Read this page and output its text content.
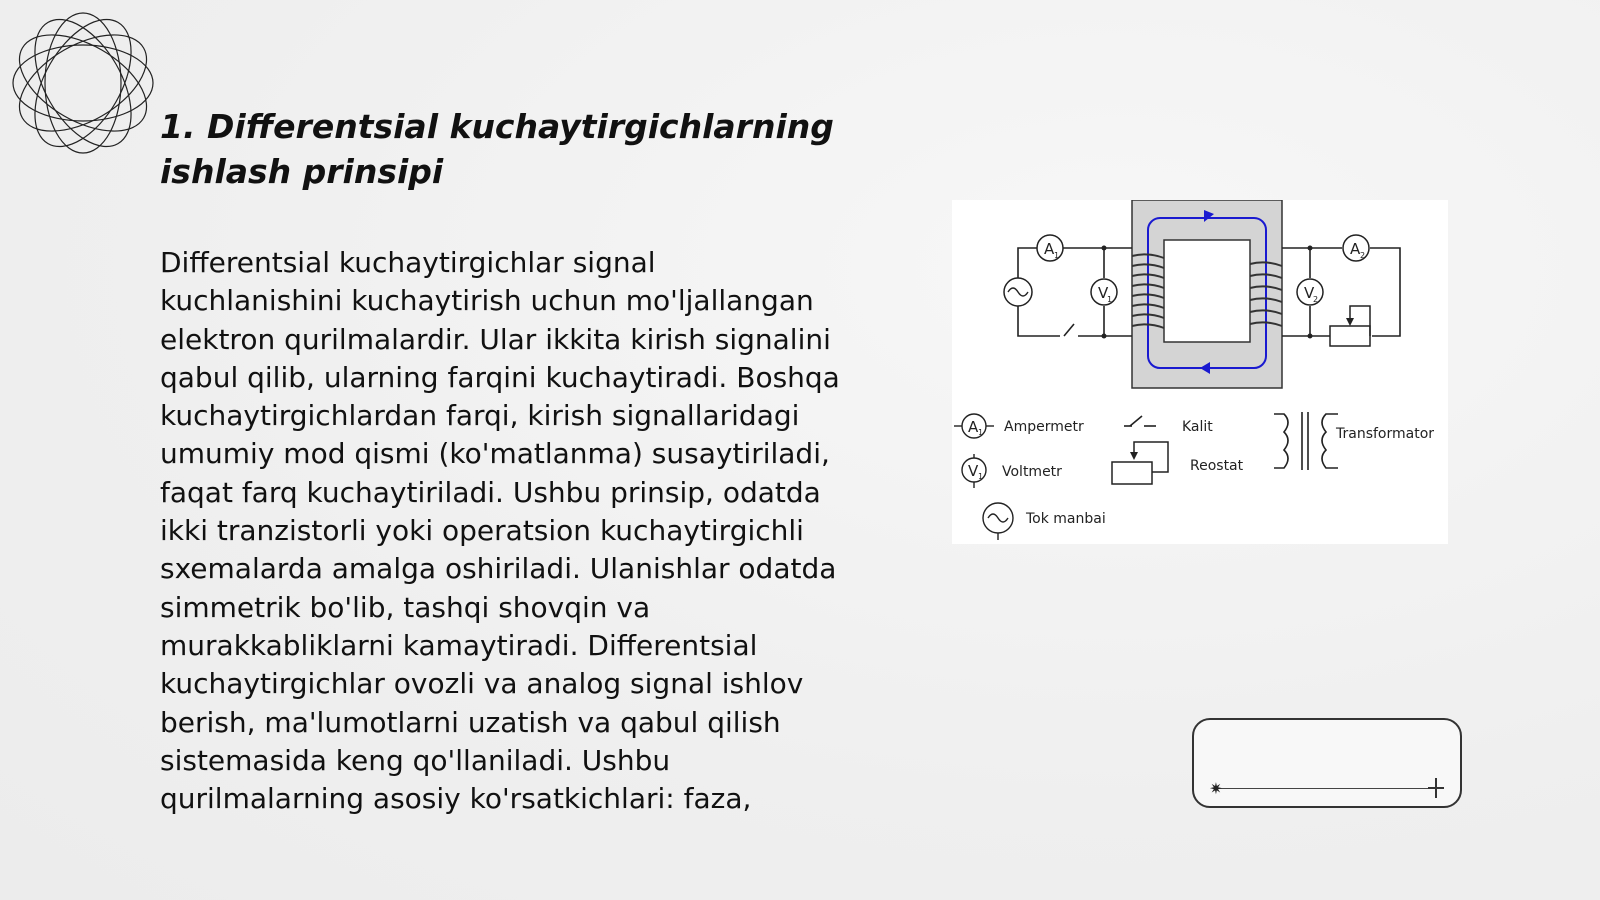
1. Differentsial kuchaytirgichlarning ishlash prinsipi

Differentsial kuchaytirgichlar signal kuchlanishini kuchaytirish uchun mo'ljallangan elektron qurilmalardir. Ular ikkita kirish signalini qabul qilib, ularning farqini kuchaytiradi. Boshqa kuchaytirgichlardan farqi, kirish signallaridagi umumiy mod qismi (ko'matlanma) susaytiriladi, faqat farq kuchaytiriladi. Ushbu prinsip, odatda ikki tranzistorli yoki operatsion kuchaytirgichli sxemalarda amalga oshiriladi. Ulanishlar odatda simmetrik bo'lib, tashqi shovqin va murakkabliklarni kamaytiradi. Differentsial kuchaytirgichlar ovozli va analog signal ishlov berish, ma'lumotlarni uzatish va qabul qilish sistemasida keng qo'llaniladi. Ushbu qurilmalarning asosiy ko'rsatkichlari: faza,

A 1
V
1
A 2
V
2
A 1 Ampermetr
V 1 Voltmetr
Kalit
Reostat
Transformator
Tok manbai
✷
